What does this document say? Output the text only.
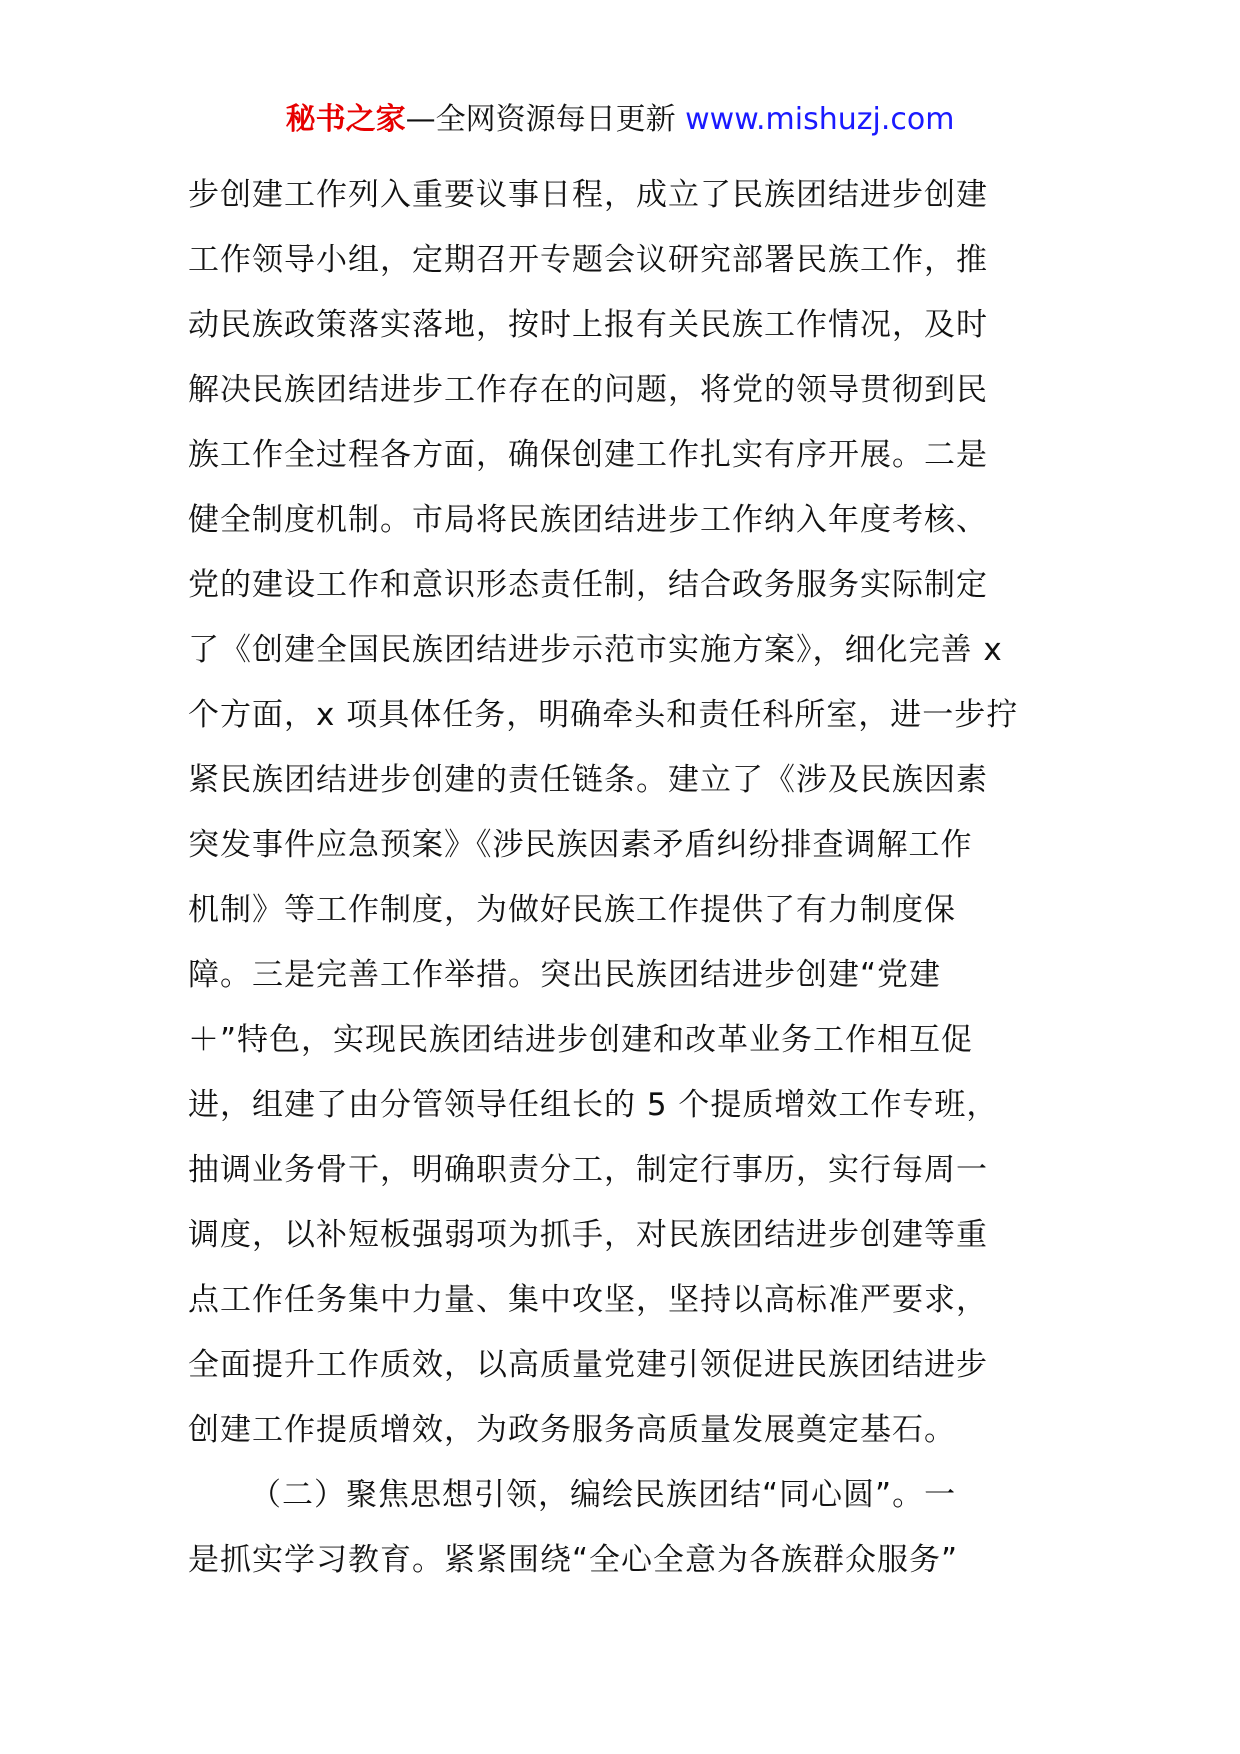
秘书之家—全网资源每日更新 www.mishuzj.com
步创建工作列入重要议事日程，成立了民族团结进步创建
工作领导小组，定期召开专题会议研究部署民族工作，推
动民族政策落实落地，按时上报有关民族工作情况，及时
解决民族团结进步工作存在的问题，将党的领导贯彻到民
族工作全过程各方面，确保创建工作扎实有序开展。二是
健全制度机制。市局将民族团结进步工作纳入年度考核、
党的建设工作和意识形态责任制，结合政务服务实际制定
了《创建全国民族团结进步示范市实施方案》，细化完善 x
个方面，x 项具体任务，明确牵头和责任科所室，进一步拧
紧民族团结进步创建的责任链条。建立了《涉及民族因素
突发事件应急预案》《涉民族因素矛盾纠纷排查调解工作
机制》等工作制度，为做好民族工作提供了有力制度保
障。三是完善工作举措。突出民族团结进步创建“党建
＋”特色，实现民族团结进步创建和改革业务工作相互促
进，组建了由分管领导任组长的 5 个提质增效工作专班，
抽调业务骨干，明确职责分工，制定行事历，实行每周一
调度，以补短板强弱项为抓手，对民族团结进步创建等重
点工作任务集中力量、集中攻坚，坚持以高标准严要求，
全面提升工作质效，以高质量党建引领促进民族团结进步
创建工作提质增效，为政务服务高质量发展奠定基石。
（二）聚焦思想引领，编绘民族团结“同心圆”。一
是抓实学习教育。紧紧围绕“全心全意为各族群众服务”
